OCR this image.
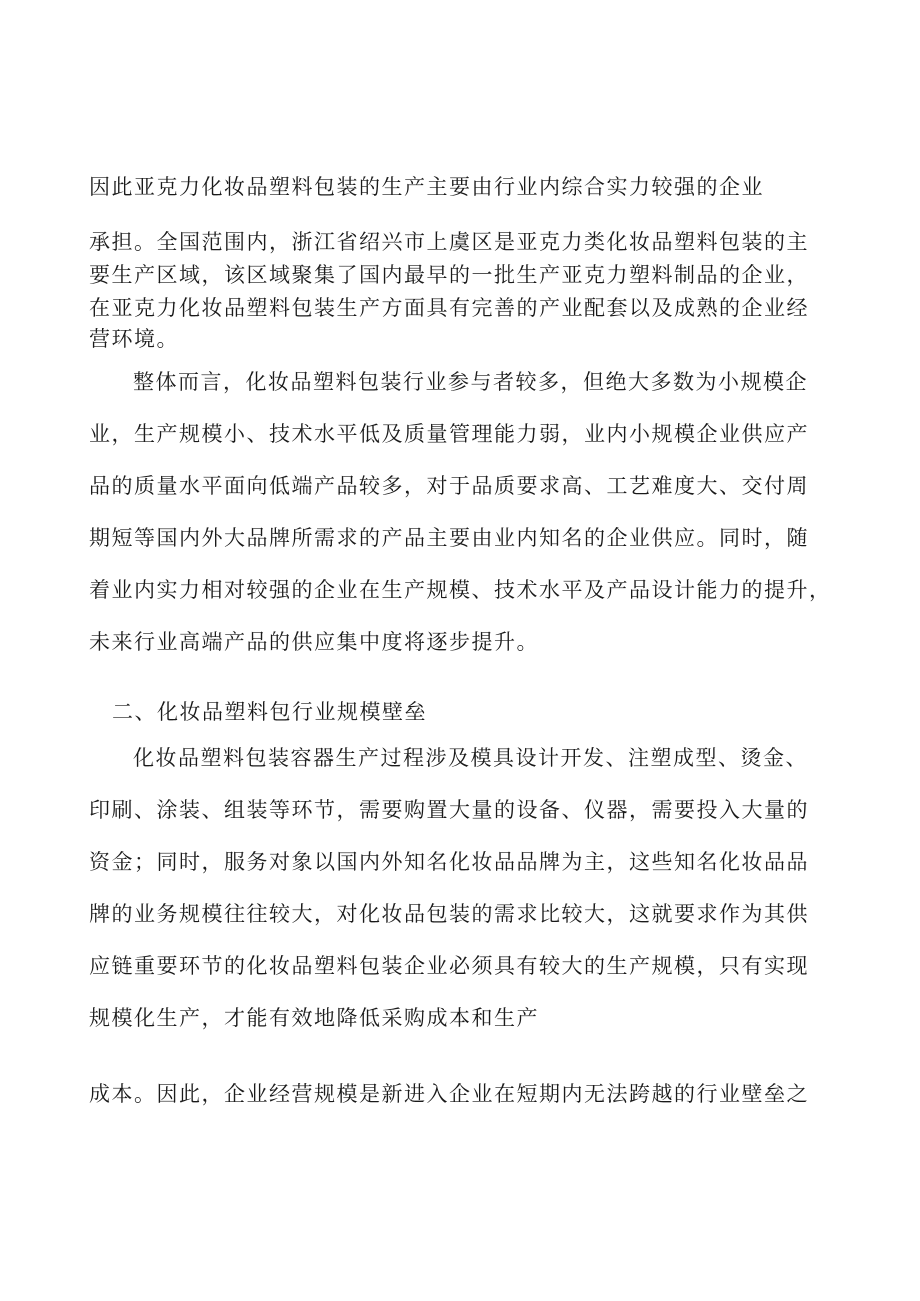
因此亚克力化妆品塑料包装的生产主要由行业内综合实力较强的企业

承担。全国范围内，浙江省绍兴市上虞区是亚克力类化妆品塑料包装的主

要生产区域，该区域聚集了国内最早的一批生产亚克力塑料制品的企业，

在亚克力化妆品塑料包装生产方面具有完善的产业配套以及成熟的企业经

营环境。

整体而言，化妆品塑料包装行业参与者较多，但绝大多数为小规模企

业，生产规模小、技术水平低及质量管理能力弱，业内小规模企业供应产

品的质量水平面向低端产品较多，对于品质要求高、工艺难度大、交付周

期短等国内外大品牌所需求的产品主要由业内知名的企业供应。同时，随

着业内实力相对较强的企业在生产规模、技术水平及产品设计能力的提升，

未来行业高端产品的供应集中度将逐步提升。

二、化妆品塑料包行业规模壁垒

化妆品塑料包装容器生产过程涉及模具设计开发、注塑成型、烫金、

印刷、涂装、组装等环节，需要购置大量的设备、仪器，需要投入大量的

资金；同时，服务对象以国内外知名化妆品品牌为主，这些知名化妆品品

牌的业务规模往往较大，对化妆品包装的需求比较大，这就要求作为其供

应链重要环节的化妆品塑料包装企业必须具有较大的生产规模，只有实现

规模化生产，才能有效地降低采购成本和生产

成本。因此，企业经营规模是新进入企业在短期内无法跨越的行业壁垒之
